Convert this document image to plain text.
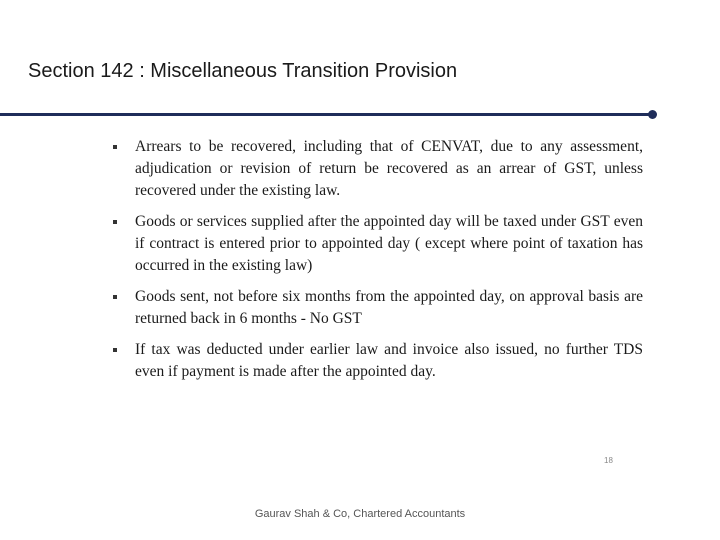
Section 142 : Miscellaneous Transition Provision
Arrears to be recovered, including that of CENVAT, due to any assessment, adjudication or revision of return be recovered as an arrear of GST, unless recovered under the existing law.
Goods or services supplied after the appointed day will be taxed under GST even if contract is entered prior to appointed day ( except where point of taxation has occurred in the existing law)
Goods sent, not before six months from the appointed day, on approval basis are returned back in 6 months - No GST
If tax was deducted under earlier law and invoice also issued, no further TDS even if payment is made after the appointed day.
18
Gaurav Shah & Co, Chartered Accountants
